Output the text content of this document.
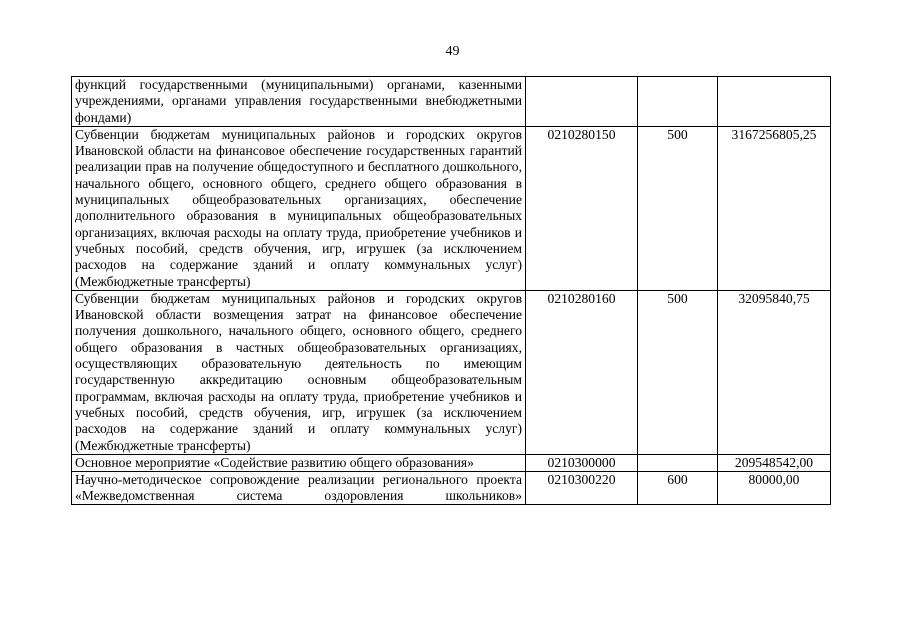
49
функций государственными (муниципальными) органами, казенными учреждениями, органами управления государственными внебюджетными фондами)			
Субвенции бюджетам муниципальных районов и городских округов Ивановской области на финансовое обеспечение государственных гарантий реализации прав на получение общедоступного и бесплатного дошкольного, начального общего, основного общего, среднего общего образования в муниципальных общеобразовательных организациях, обеспечение дополнительного образования в муниципальных общеобразовательных организациях, включая расходы на оплату труда, приобретение учебников и учебных пособий, средств обучения, игр, игрушек (за исключением расходов на содержание зданий и оплату коммунальных услуг) (Межбюджетные трансферты)	0210280150	500	3167256805,25
Субвенции бюджетам муниципальных районов и городских округов Ивановской области возмещения затрат на финансовое обеспечение получения дошкольного, начального общего, основного общего, среднего общего образования в частных общеобразовательных организациях, осуществляющих образовательную деятельность по имеющим государственную аккредитацию основным общеобразовательным программам, включая расходы на оплату труда, приобретение учебников и учебных пособий, средств обучения, игр, игрушек (за исключением расходов на содержание зданий и оплату коммунальных услуг) (Межбюджетные трансферты)	0210280160	500	32095840,75
Основное мероприятие «Содействие развитию общего образования»	0210300000		209548542,00

Научно-методическое сопровождение реализации регионального проекта «Межведомственная система оздоровления школьников»	0210300220	600	80000,00
